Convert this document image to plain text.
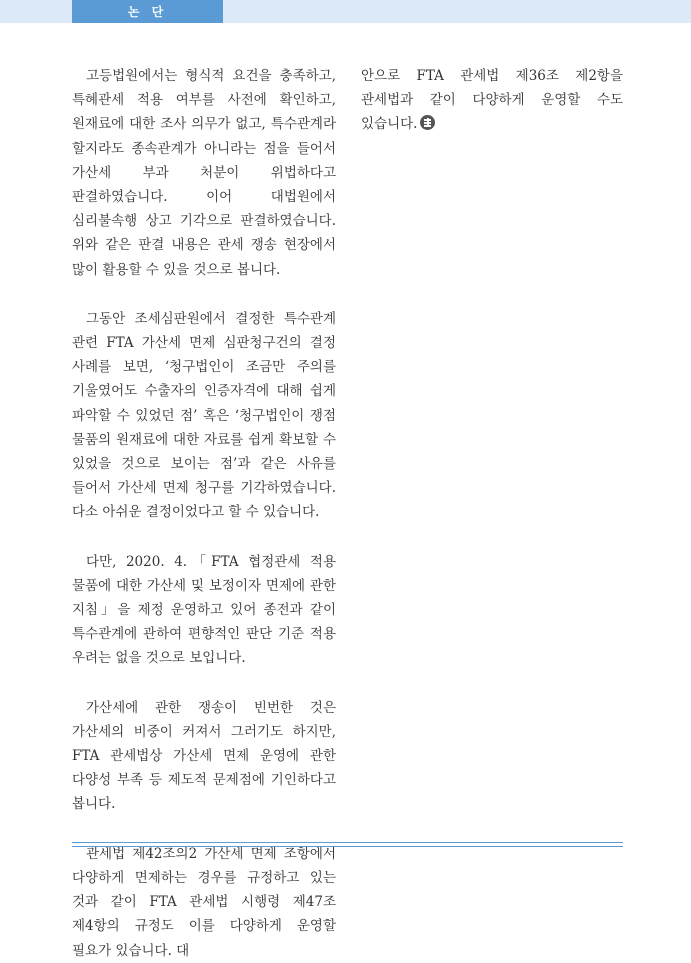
논 단

고등법원에서는 형식적 요건을 충족하고, 특혜관세 적용 여부를 사전에 확인하고, 원재료에 대한 조사 의무가 없고, 특수관계라 할지라도 종속관계가 아니라는 점을 들어서 가산세 부과 처분이 위법하다고 판결하였습니다. 이어 대법원에서 심리불속행 상고 기각으로 판결하였습니다. 위와 같은 판결 내용은 관세 쟁송 현장에서 많이 활용할 수 있을 것으로 봅니다.

그동안 조세심판원에서 결정한 특수관계 관련 FTA 가산세 면제 심판청구건의 결정 사례를 보면, ‘청구법인이 조금만 주의를 기울였어도 수출자의 인증자격에 대해 쉽게 파악할 수 있었던 점’ 혹은 ‘청구법인이 쟁점 물품의 원재료에 대한 자료를 쉽게 확보할 수 있었을 것으로 보이는 점’과 같은 사유를 들어서 가산세 면제 청구를 기각하였습니다. 다소 아쉬운 결정이었다고 할 수 있습니다.

다만, 2020. 4.「FTA 협정관세 적용 물품에 대한 가산세 및 보정이자 면제에 관한 지침」을 제정 운영하고 있어 종전과 같이 특수관계에 관하여 편향적인 판단 기준 적용 우려는 없을 것으로 보입니다.

가산세에 관한 쟁송이 빈번한 것은 가산세의 비중이 커져서 그러기도 하지만, FTA 관세법상 가산세 면제 운영에 관한 다양성 부족 등 제도적 문제점에 기인하다고 봅니다.

관세법 제42조의2 가산세 면제 조항에서 다양하게 면제하는 경우를 규정하고 있는 것과 같이 FTA 관세법 시행령 제47조 제4항의 규정도 이를 다양하게 운영할 필요가 있습니다. 대

안으로 FTA 관세법 제36조 제2항을 관세법과 같이 다양하게 운영할 수도 있습니다.
